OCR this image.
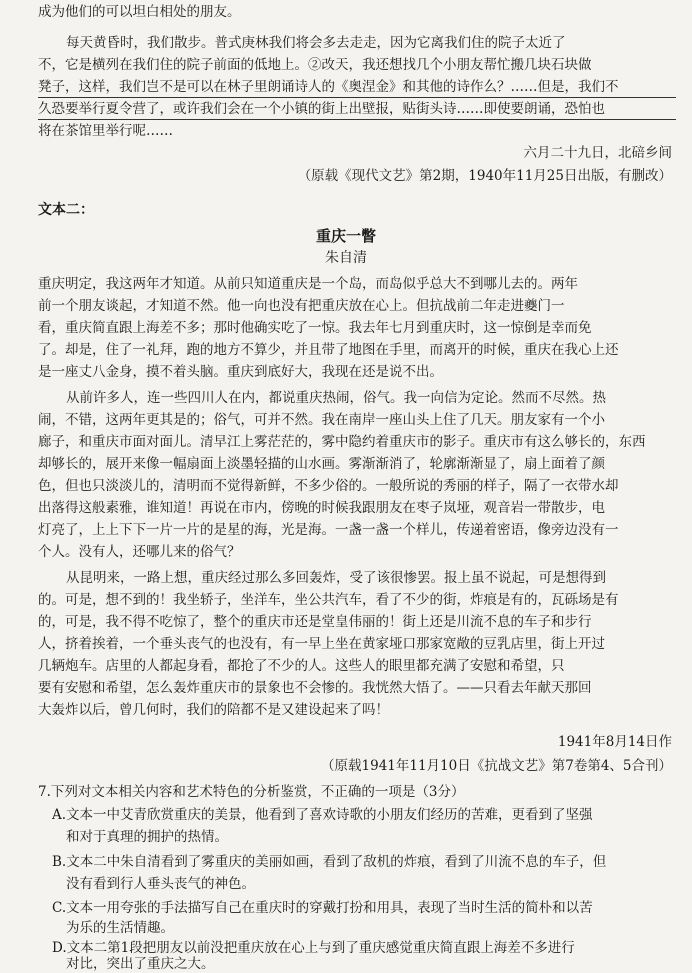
成为他们的可以坦白相处的朋友。
每天黄昏时，我们散步。普式庚林我们将会多去走走，因为它离我们住的院子太近了
不，它是横列在我们住的院子前面的低地上。②改天，我还想找几个小朋友帮忙搬几块石块做
凳子，这样，我们岂不是可以在林子里朗诵诗人的《奥涅金》和其他的诗作么？……但是，我们不
久恐要举行夏令营了，或许我们会在一个小镇的街上出壁报，贴街头诗……即使要朗诵，恐怕也
将在茶馆里举行呢……
六月二十九日，北碚乡间
（原载《现代文艺》第2期，1940年11月25日出版，有删改）
文本二：
重庆一瞥
朱自清
重庆明定，我这两年才知道。从前只知道重庆是一个岛，而岛似乎总大不到哪儿去的。两年
前一个朋友谈起，才知道不然。他一向也没有把重庆放在心上。但抗战前二年走进夔门一
看，重庆简直跟上海差不多；那时他确实吃了一惊。我去年七月到重庆时，这一惊倒是幸而免
了。却是，住了一礼拜，跑的地方不算少，并且带了地图在手里，而离开的时候，重庆在我心上还
是一座丈八金身，摸不着头脑。重庆到底好大，我现在还是说不出。
从前许多人，连一些四川人在内，都说重庆热闹，俗气。我一向信为定论。然而不尽然。热
闹，不错，这两年更其是的；俗气，可并不然。我在南岸一座山头上住了几天。朋友家有一个小
廊子，和重庆市面对面儿。清早江上雾茫茫的，雾中隐约着重庆市的影子。重庆市有这么够长的，东西
却够长的，展开来像一幅扇面上淡墨轻描的山水画。雾渐渐消了，轮廓渐渐显了，扇上面着了颜
色，但也只淡淡儿的，清明而不觉得新鲜，不多少俗的。一般所说的秀丽的样子，隔了一衣带水却
出落得这般素雅，谁知道！再说在市内，傍晚的时候我跟朋友在枣子岚垭，观音岩一带散步，电
灯亮了，上上下下一片一片的是星的海，光是海。一盏一盏一个样儿，传递着密语，像旁边没有一
个人。没有人，还哪儿来的俗气？
从昆明来，一路上想，重庆经过那么多回轰炸，受了该很惨罢。报上虽不说起，可是想得到
的。可是，想不到的！我坐轿子，坐洋车，坐公共汽车，看了不少的街，炸痕是有的，瓦砾场是有
的，可是，我不得不吃惊了，整个的重庆市还是堂皇伟丽的！街上还是川流不息的车子和步行
人，挤着挨着，一个垂头丧气的也没有，有一早上坐在黄家垭口那家宽敞的豆乳店里，街上开过
几辆炮车。店里的人都起身看，都抢了不少的人。这些人的眼里都充满了安慰和希望，只
要有安慰和希望，怎么轰炸重庆市的景象也不会惨的。我恍然大悟了。——只看去年献天那回
大轰炸以后，曾几何时，我们的陪都不是又建设起来了吗！
1941年8月14日作
（原载1941年11月10日《抗战文艺》第7卷第4、5合刊）
7.下列对文本相关内容和艺术特色的分析鉴赏，不正确的一项是（3分）
A.文本一中艾青欣赏重庆的美景，他看到了喜欢诗歌的小朋友们经历的苦难，更看到了坚强
和对于真理的拥护的热情。
B.文本二中朱自清看到了雾重庆的美丽如画，看到了敌机的炸痕，看到了川流不息的车子，但
没有看到行人垂头丧气的神色。
C.文本一用夸张的手法描写自己在重庆时的穿戴打扮和用具，表现了当时生活的简朴和以苦
为乐的生活情趣。
D.文本二第1段把朋友以前没把重庆放在心上与到了重庆感觉重庆简直跟上海差不多进行
对比，突出了重庆之大。
